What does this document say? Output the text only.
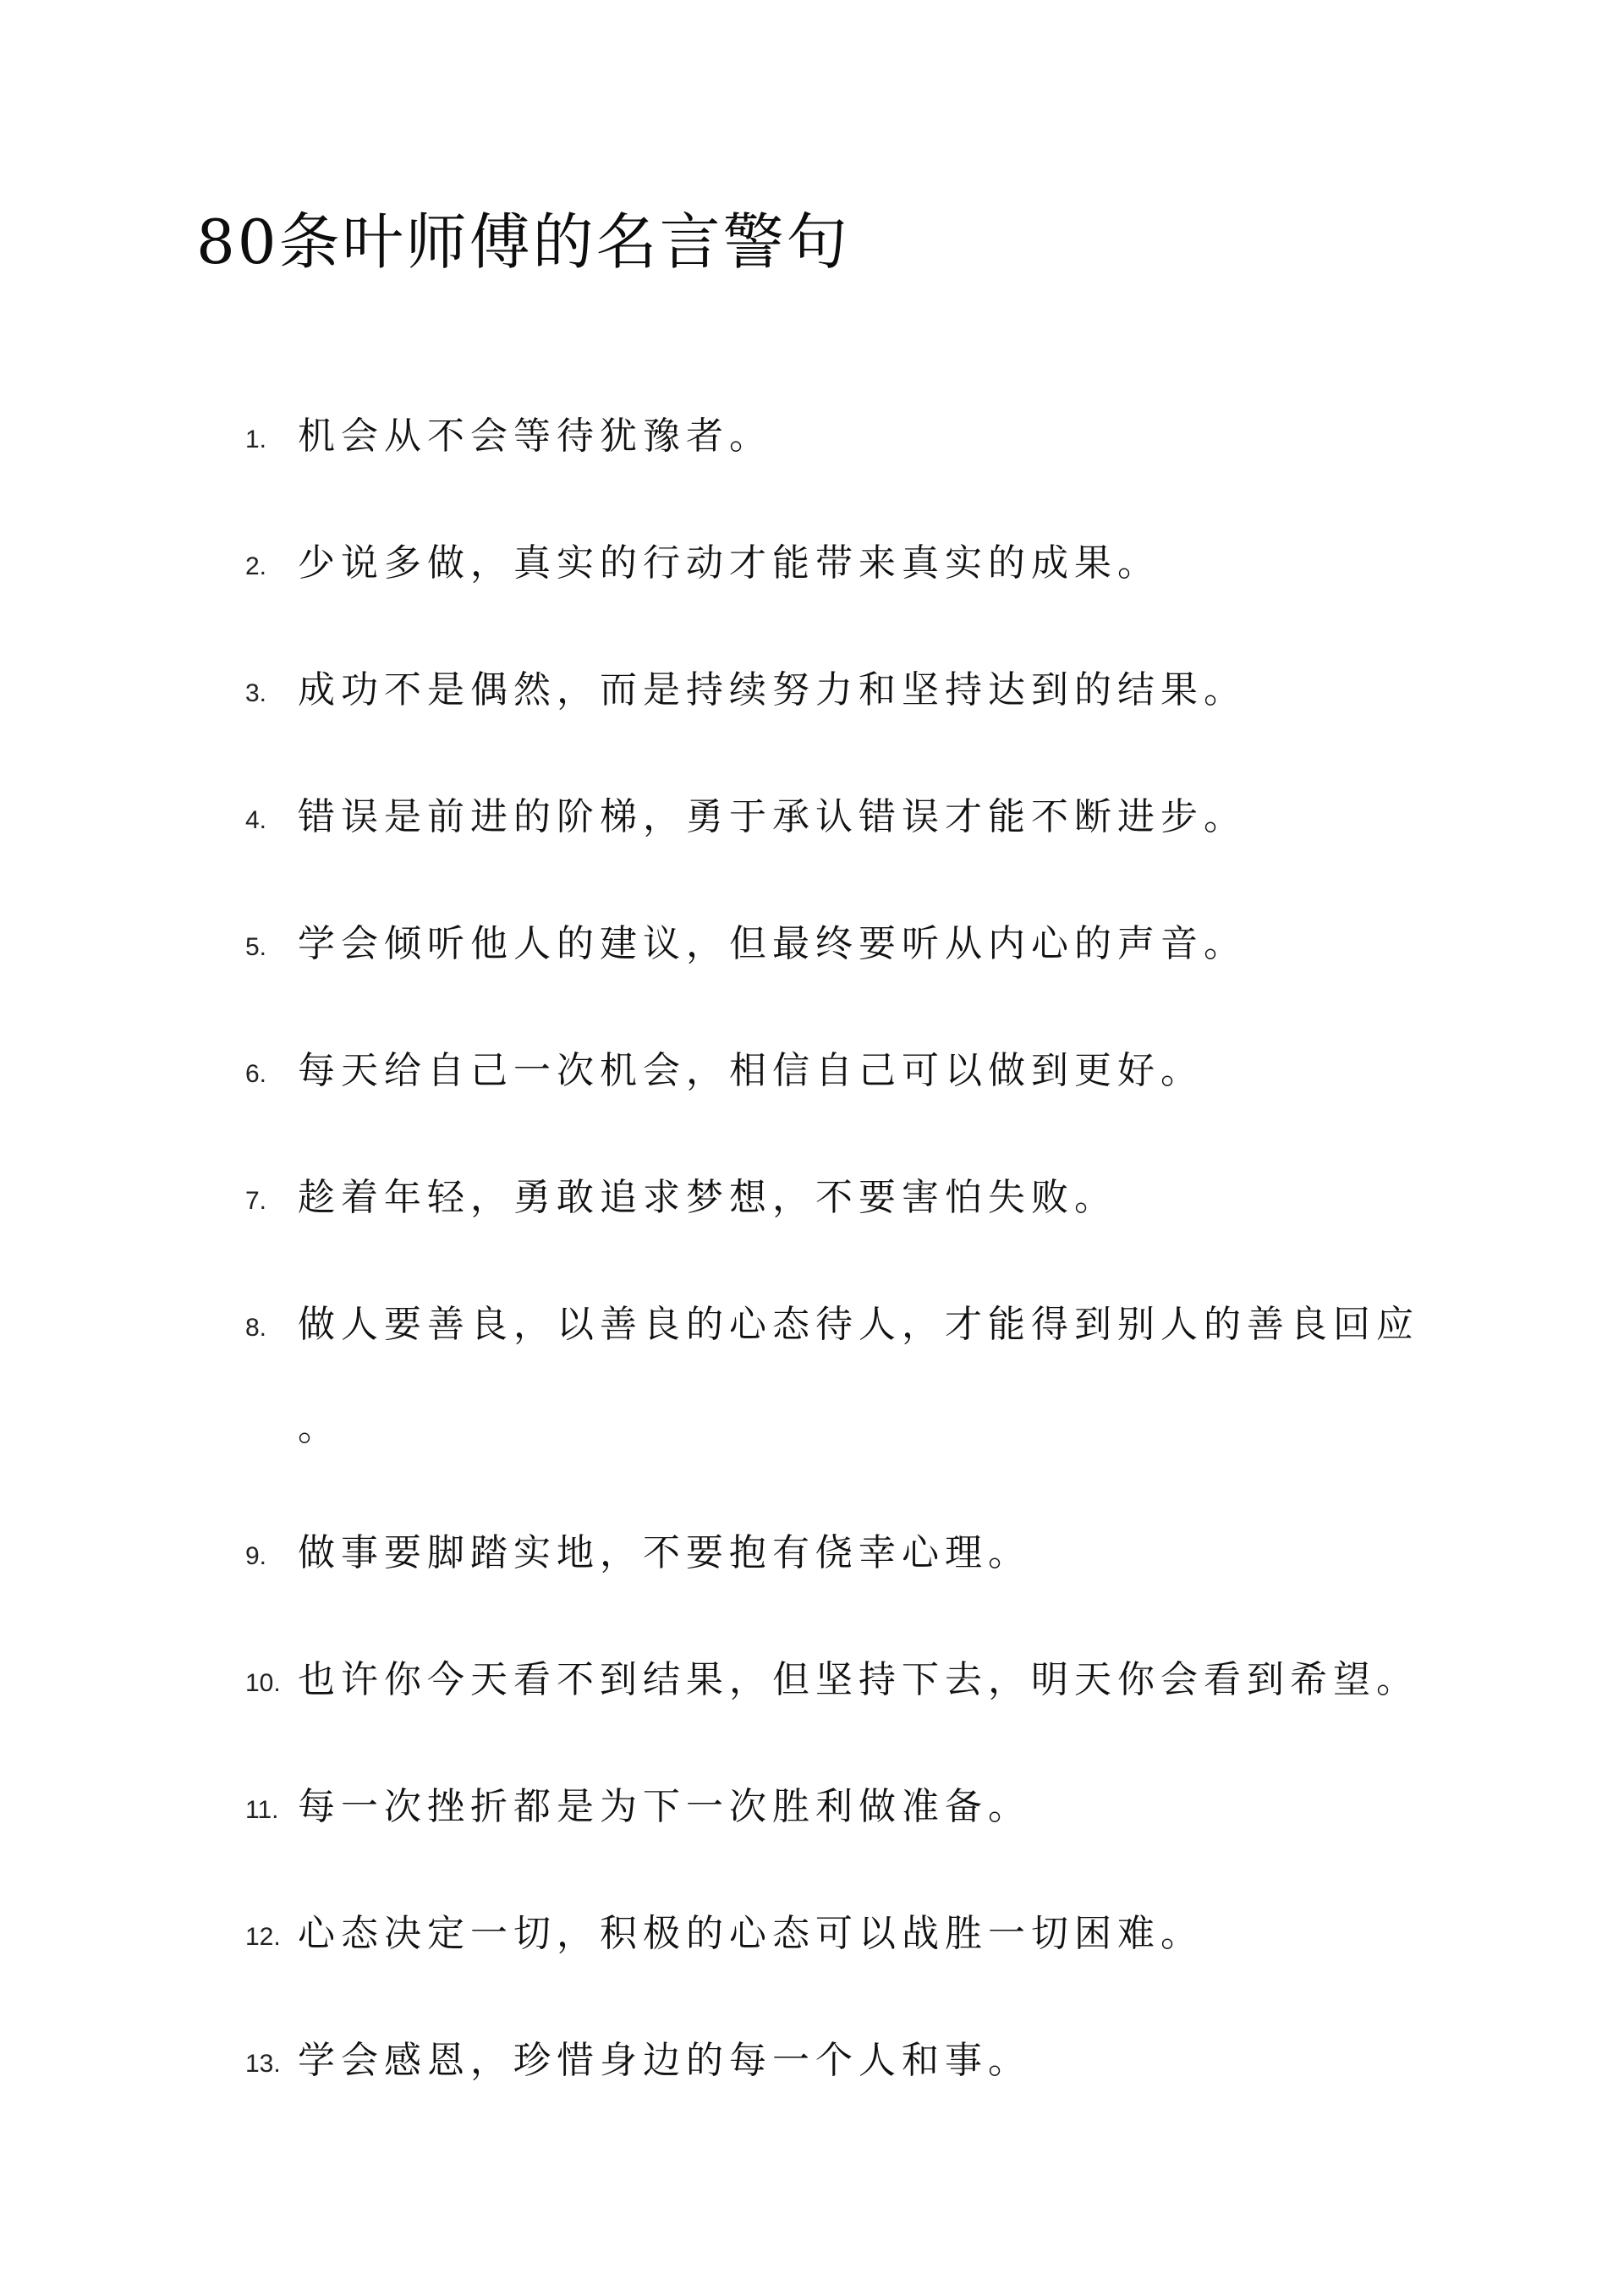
80条叶师傅的名言警句
1. 机会从不会等待犹豫者。
2. 少说多做，真实的行动才能带来真实的成果。
3. 成功不是偶然，而是持续努力和坚持达到的结果。
4. 错误是前进的阶梯，勇于承认错误才能不断进步。
5. 学会倾听他人的建议，但最终要听从内心的声音。
6. 每天给自己一次机会，相信自己可以做到更好。
7. 趁着年轻，勇敢追求梦想，不要害怕失败。
8. 做人要善良，以善良的心态待人，才能得到别人的善良回应
。
9. 做事要脚踏实地，不要抱有侥幸心理。
10. 也许你今天看不到结果，但坚持下去，明天你会看到希望。
11. 每一次挫折都是为下一次胜利做准备。
12. 心态决定一切，积极的心态可以战胜一切困难。
13. 学会感恩，珍惜身边的每一个人和事。
